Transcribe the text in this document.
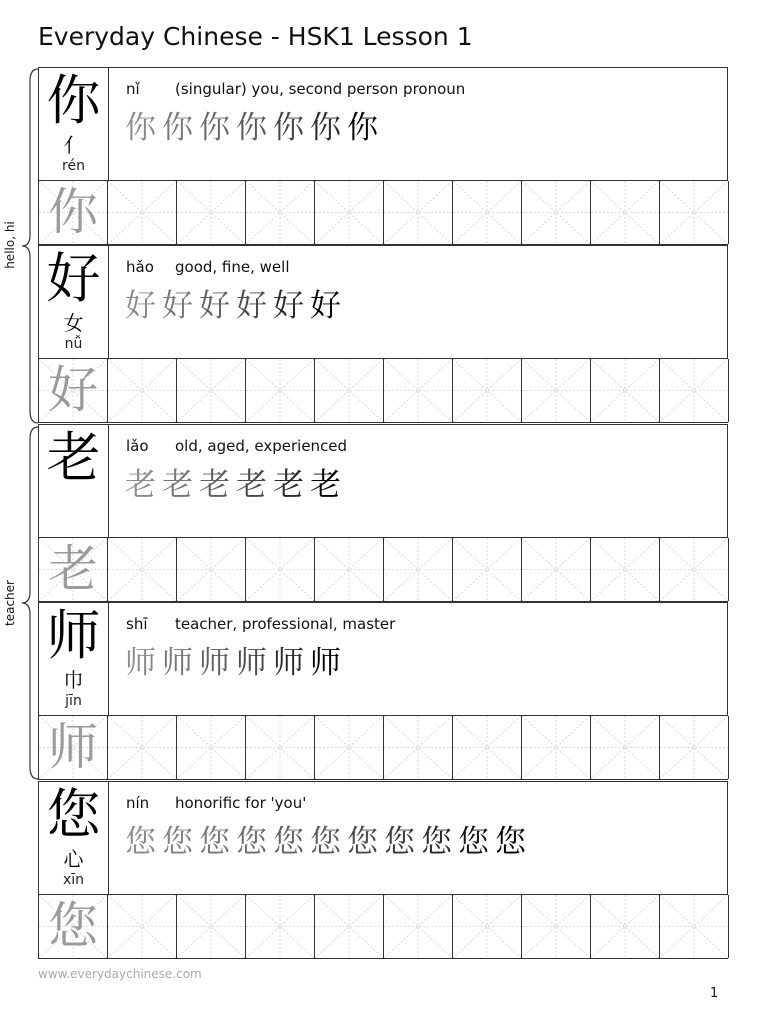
Everyday Chinese - HSK1 Lesson 1
你
亻
rén
nǐ (singular) you, second person pronoun
你 你 你 你 你 你 你
你
好
女
nǚ
hǎo good, fine, well
好 好 好 好 好 好
好
老	lǎo old, aged, experienced
老 老 老 老 老 老
老
师
巾
jīn
shī teacher, professional, master
师 师 师 师 师 师
师
您
心
xīn
nín honorific for 'you'
您 您 您 您 您 您 您 您 您 您 您
您
hello, hi
teacher
www.everydaychinese.com
1
